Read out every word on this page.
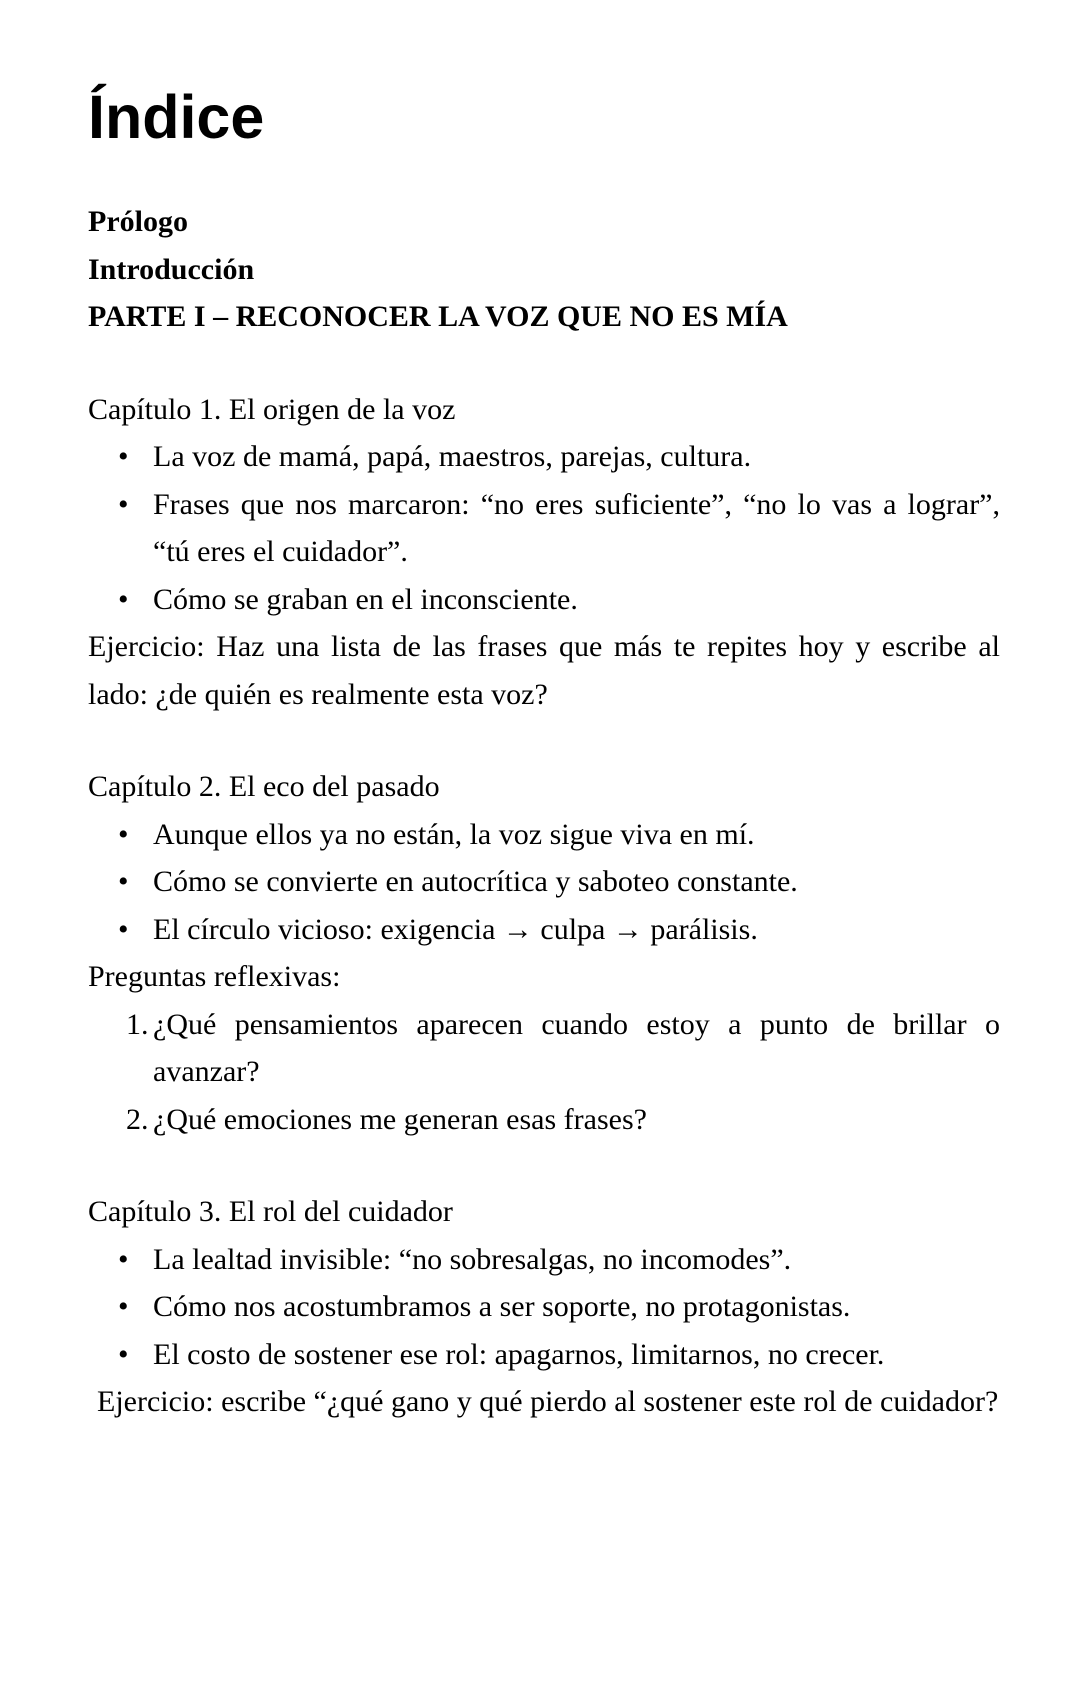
Índice

Prólogo

Introducción

PARTE I – RECONOCER LA VOZ QUE NO ES MÍA

Capítulo 1. El origen de la voz

• La voz de mamá, papá, maestros, parejas, cultura.
• Frases que nos marcaron: “no eres suficiente”, “no lo vas a lograr”, “tú eres el cuidador”.
• Cómo se graban en el inconsciente.

Ejercicio: Haz una lista de las frases que más te repites hoy y escribe al lado: ¿de quién es realmente esta voz?

Capítulo 2. El eco del pasado

• Aunque ellos ya no están, la voz sigue viva en mí.
• Cómo se convierte en autocrítica y saboteo constante.
• El círculo vicioso: exigencia → culpa → parálisis.

Preguntas reflexivas:

1. ¿Qué pensamientos aparecen cuando estoy a punto de brillar o avanzar?
2. ¿Qué emociones me generan esas frases?

Capítulo 3. El rol del cuidador

• La lealtad invisible: “no sobresalgas, no incomodes”.
• Cómo nos acostumbramos a ser soporte, no protagonistas.
• El costo de sostener ese rol: apagarnos, limitarnos, no crecer.

Ejercicio: escribe “¿qué gano y qué pierdo al sostener este rol de cuidador?
